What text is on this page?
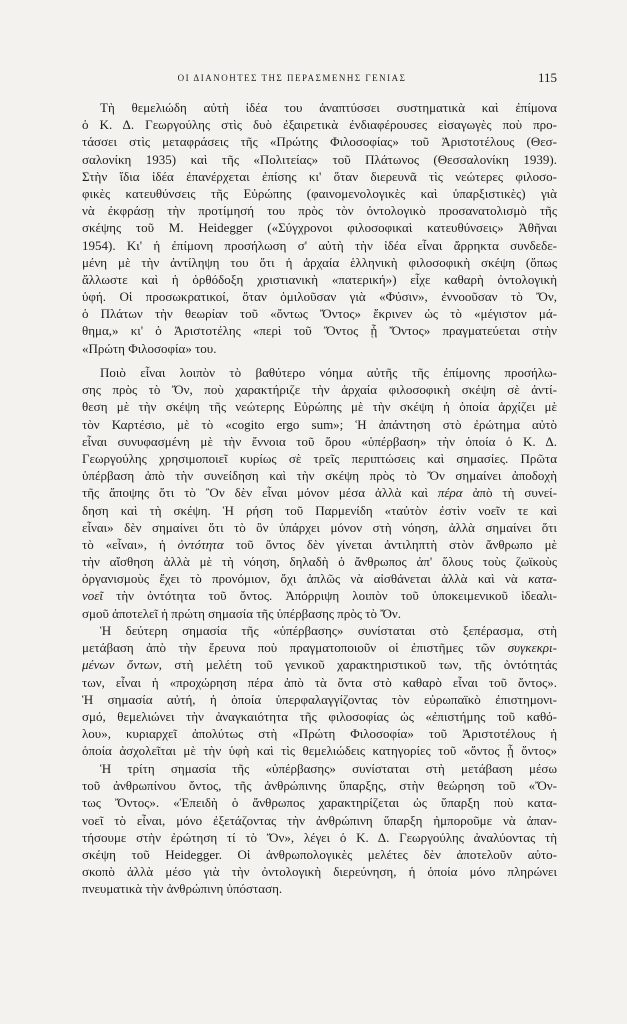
ΟΙ ΔΙΑΝΟΗΤΕΣ ΤΗΣ ΠΕΡΑΣΜΕΝΗΣ ΓΕΝΙΑΣ	115
Τὴ θεμελιώδη αὐτὴ ἰδέα του ἀναπτύσσει συστηματικὰ καὶ ἐπίμονα
ὁ Κ. Δ. Γεωργούλης στὶς δυὸ ἐξαιρετικὰ ἐνδιαφέρουσες εἰσαγωγὲς ποὺ προ-
τάσσει στὶς μεταφράσεις τῆς «Πρώτης Φιλοσοφίας» τοῦ Ἀριστοτέλους (Θεσ-
σαλονίκη 1935) καὶ τῆς «Πολιτείας» τοῦ Πλάτωνος (Θεσσαλονίκη 1939).
Στὴν ἴδια ἰδέα ἐπανέρχεται ἐπίσης κι' ὅταν διερευνᾶ τὶς νεώτερες φιλοσο-
φικὲς κατευθύνσεις τῆς Εὐρώπης (φαινομενολογικὲς καὶ ὑπαρξιστικὲς) γιὰ
νὰ ἐκφράσῃ τὴν προτίμησή του πρὸς τὸν ὀντολογικὸ προσανατολισμὸ τῆς
σκέψης τοῦ M. Heidegger («Σύγχρονοι φιλοσοφικαὶ κατευθύνσεις» Ἀθῆναι
1954). Κι' ἡ ἐπίμονη προσήλωση σ' αὐτὴ τὴν ἰδέα εἶναι ἄρρηκτα συνδεδε-
μένη μὲ τὴν ἀντίληψη του ὅτι ἡ ἀρχαία ἑλληνικὴ φιλοσοφικὴ σκέψη (ὅπως
ἄλλωστε καὶ ἡ ὀρθόδοξη χριστιανικὴ «πατερική») εἶχε καθαρὴ ὀντολογικὴ
ὑφή. Οἱ προσωκρατικοί, ὅταν ὁμιλοῦσαν γιὰ «Φύσιν», ἐννοοῦσαν τὸ Ὄν,
ὁ Πλάτων τὴν θεωρίαν τοῦ «ὄντως Ὄντος» ἔκρινεν ὡς τὸ «μέγιστον μά-
θημα,» κι' ὁ Ἀριστοτέλης «περὶ τοῦ Ὄντος ᾗ Ὄντος» πραγματεύεται στὴν
«Πρώτη Φιλοσοφία» του.
Ποιὸ εἶναι λοιπὸν τὸ βαθύτερο νόημα αὐτῆς τῆς ἐπίμονης προσήλω-
σης πρὸς τὸ Ὄν, ποὺ χαρακτήριζε τὴν ἀρχαία φιλοσοφικὴ σκέψη σὲ ἀντί-
θεση μὲ τὴν σκέψη τῆς νεώτερης Εὐρώπης μὲ τὴν σκέψη ἡ ὁποία ἀρχίζει μὲ
τὸν Καρτέσιο, μὲ τὸ «cogito ergo sum»; Ἡ ἀπάντηση στὸ ἐρώτημα αὐτὸ
εἶναι συνυφασμένη μὲ τὴν ἔννοια τοῦ ὅρου «ὑπέρβαση» τὴν ὁποία ὁ Κ. Δ.
Γεωργούλης χρησιμοποιεῖ κυρίως σὲ τρεῖς περιπτώσεις καὶ σημασίες. Πρῶτα
ὑπέρβαση ἀπὸ τὴν συνείδηση καὶ τὴν σκέψη πρὸς τὸ Ὄν σημαίνει ἀποδοχὴ
τῆς ἄποψης ὅτι τὸ Ὂν δὲν εἶναι μόνον μέσα ἀλλὰ καὶ πέρα ἀπὸ τὴ συνεί-
δηση καὶ τὴ σκέψη. Ἡ ρήση τοῦ Παρμενίδη «ταὐτὸν ἐστὶν νοεῖν τε καὶ
εἶναι» δὲν σημαίνει ὅτι τὸ ὂν ὑπάρχει μόνον στὴ νόηση, ἀλλὰ σημαίνει ὅτι
τὸ «εἶναι», ἡ ὀντότητα τοῦ ὄντος δὲν γίνεται ἀντιληπτὴ στὸν ἄνθρωπο μὲ
τὴν αἴσθηση ἀλλὰ μὲ τὴ νόηση, δηλαδὴ ὁ ἄνθρωπος ἀπ' ὅλους τοὺς ζωϊκοὺς
ὀργανισμοὺς ἔχει τὸ προνόμιον, ὄχι ἁπλῶς νὰ αἰσθάνεται ἀλλὰ καὶ νὰ κατα-
νοεῖ τὴν ὀντότητα τοῦ ὄντος. Ἀπόρριψη λοιπὸν τοῦ ὑποκειμενικοῦ ἰδεαλι-
σμοῦ ἀποτελεῖ ἡ πρώτη σημασία τῆς ὑπέρβασης πρὸς τὸ Ὄν.
Ἡ δεύτερη σημασία τῆς «ὑπέρβασης» συνίσταται στὸ ξεπέρασμα, στὴ
μετάβαση ἀπὸ τὴν ἔρευνα ποὺ πραγματοποιοῦν οἱ ἐπιστῆμες τῶν συγκεκρι-
μένων ὄντων, στὴ μελέτη τοῦ γενικοῦ χαρακτηριστικοῦ των, τῆς ὀντότητάς
των, εἶναι ἡ «προχώρηση πέρα ἀπὸ τὰ ὄντα στὸ καθαρὸ εἶναι τοῦ ὄντος».
Ἡ σημασία αὐτή, ἡ ὁποία ὑπερφαλαγγίζοντας τὸν εὐρωπαϊκὸ ἐπιστημονι-
σμό, θεμελιώνει τὴν ἀναγκαιότητα τῆς φιλοσοφίας ὡς «ἐπιστήμης τοῦ καθό-
λου», κυριαρχεῖ ἀπολύτως στὴ «Πρώτη Φιλοσοφία» τοῦ Ἀριστοτέλους ἡ
ὁποία ἀσχολεῖται μὲ τὴν ὑφὴ καὶ τὶς θεμελιώδεις κατηγορίες τοῦ «ὄντος ᾗ ὄντος»
Ἡ τρίτη σημασία τῆς «ὑπέρβασης» συνίσταται στὴ μετάβαση μέσω
τοῦ ἀνθρωπίνου ὄντος, τῆς ἀνθρώπινης ὕπαρξης, στὴν θεώρηση τοῦ «Ὄν-
τως Ὄντος». «Ἐπειδὴ ὁ ἄνθρωπος χαρακτηρίζεται ὡς ὕπαρξη ποὺ κατα-
νοεῖ τὸ εἶναι, μόνο ἐξετάζοντας τὴν ἀνθρώπινη ὕπαρξη ἠμποροῦμε νὰ ἀπαν-
τήσουμε στὴν ἐρώτηση τί τὸ Ὄν», λέγει ὁ Κ. Δ. Γεωργούλης ἀναλύοντας τὴ
σκέψη τοῦ Heidegger. Οἱ ἀνθρωπολογικὲς μελέτες δὲν ἀποτελοῦν αὐτο-
σκοπὸ ἀλλὰ μέσο γιὰ τὴν ὀντολογικὴ διερεύνηση, ἡ ὁποία μόνο πληρώνει
πνευματικὰ τὴν ἀνθρώπινη ὑπόσταση.
